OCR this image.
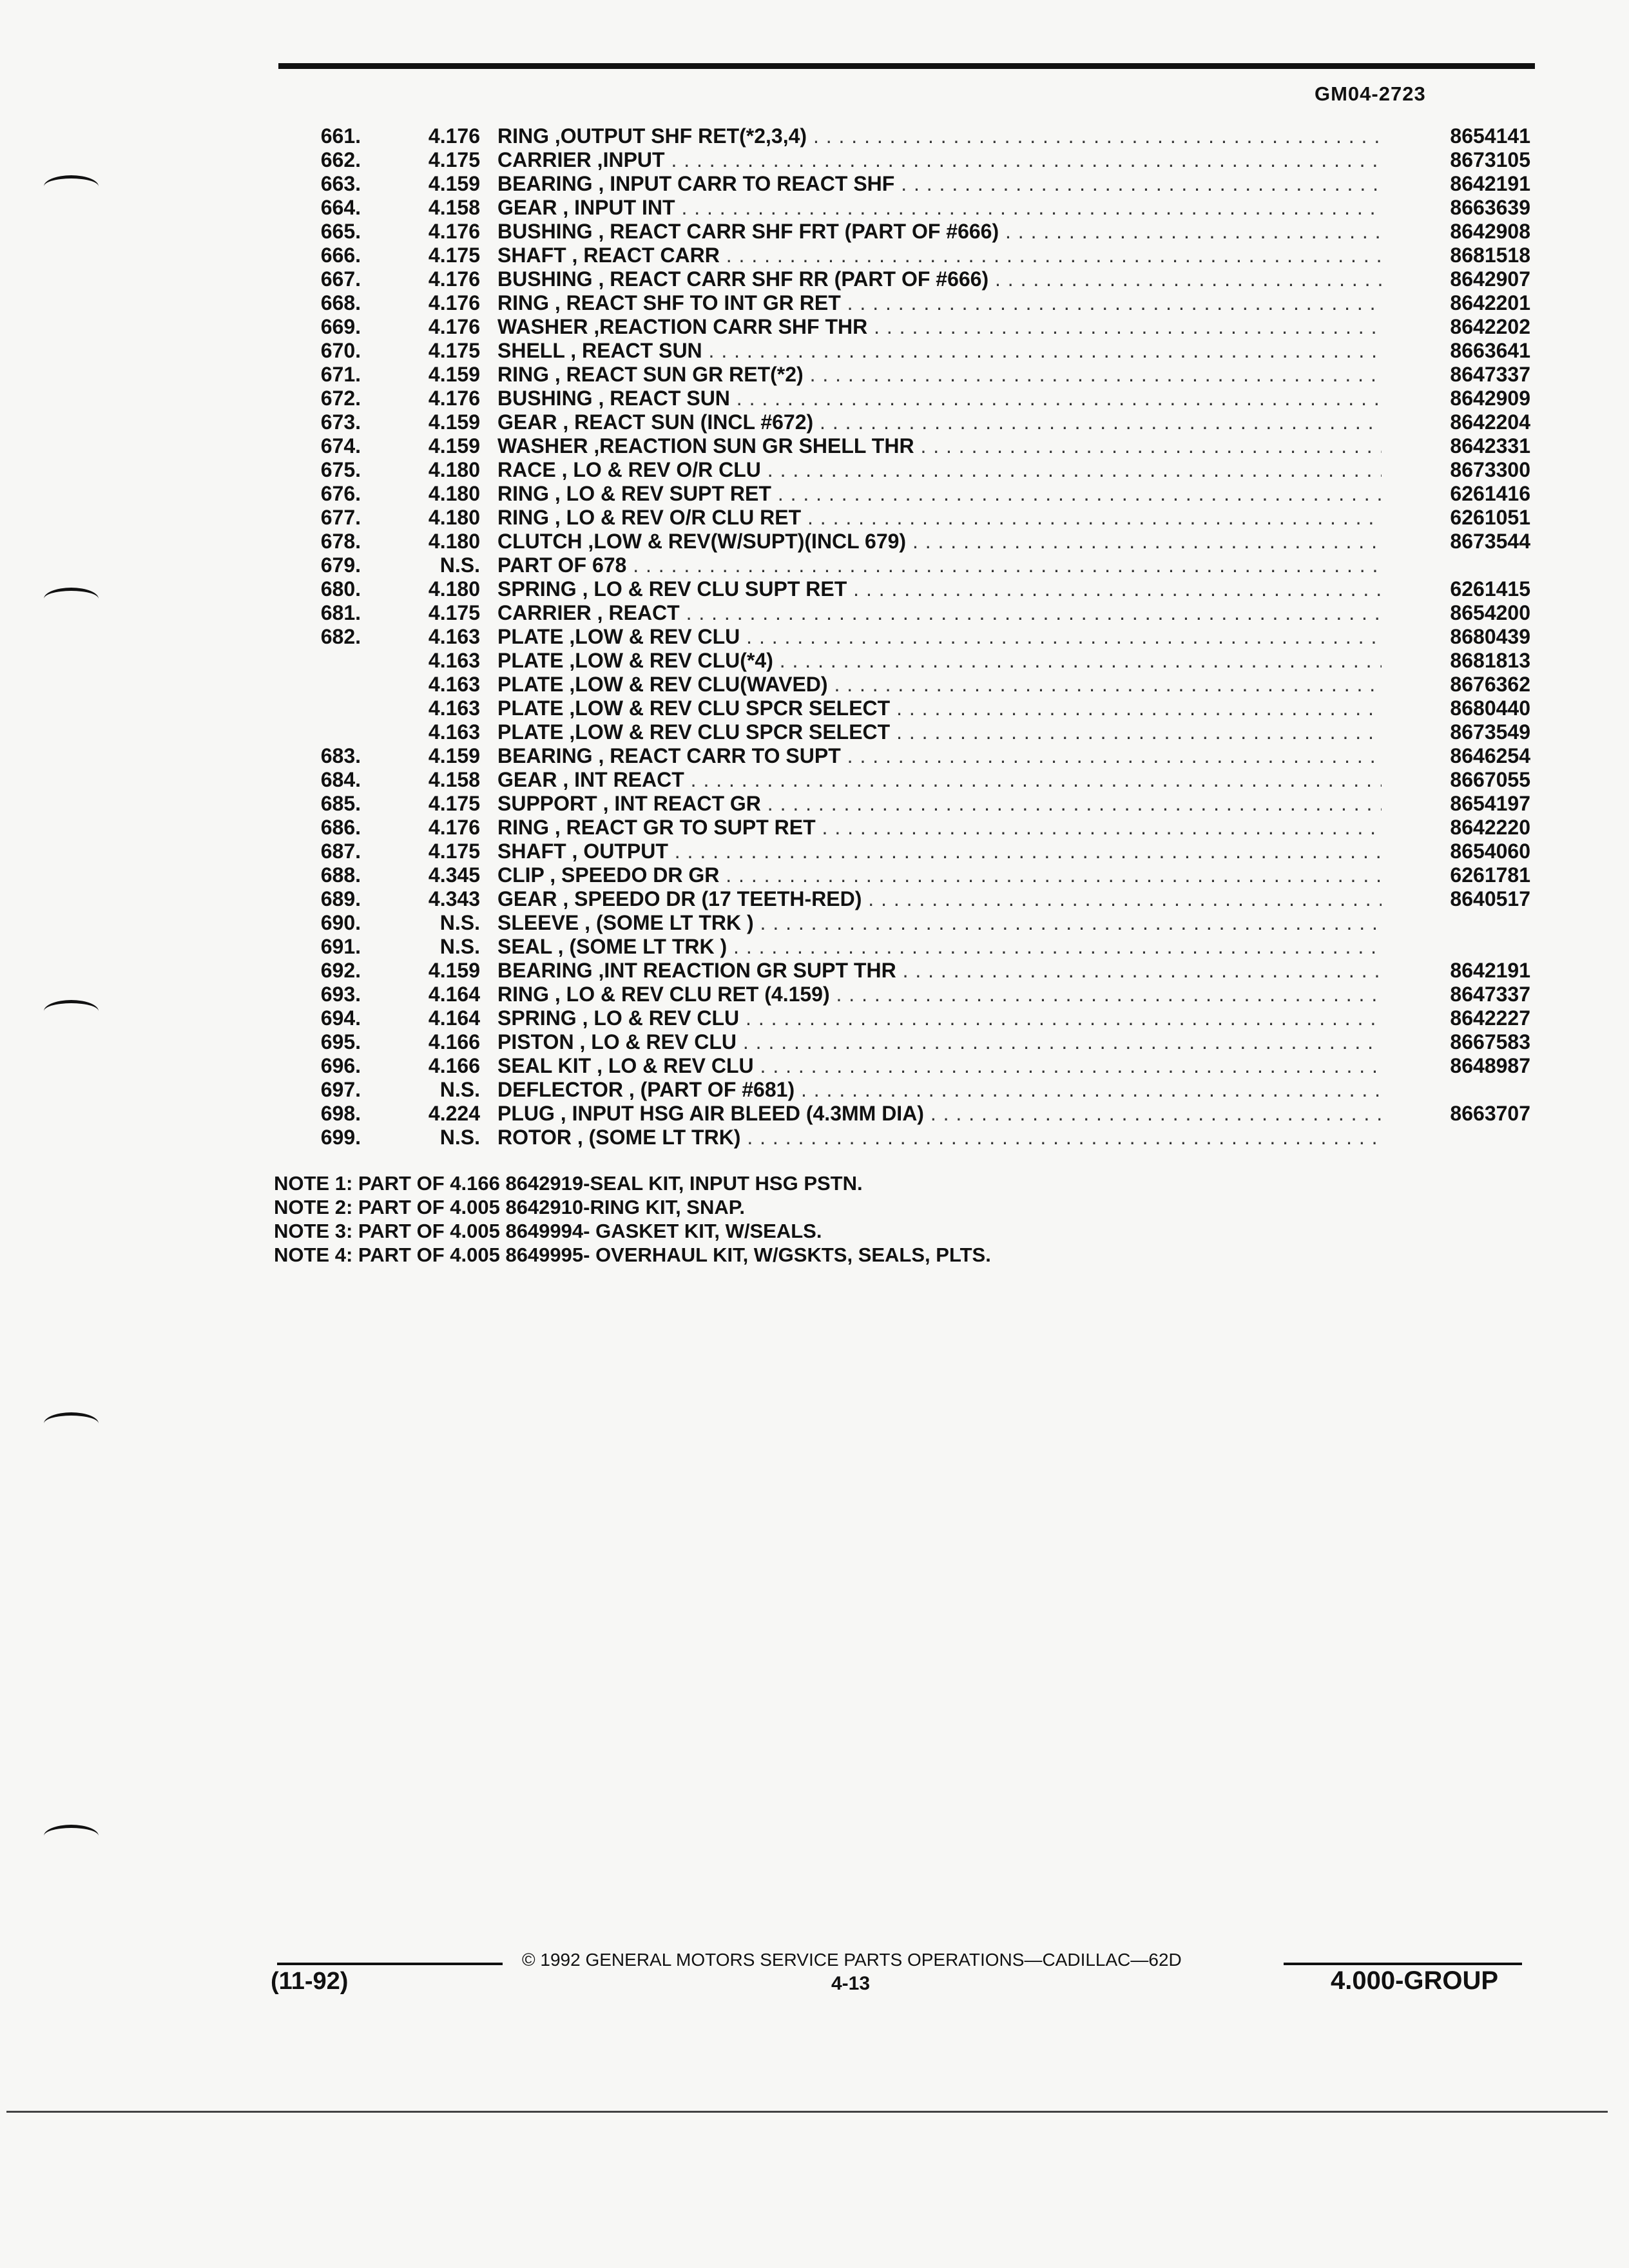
GM04-2723
661.	4.176 RING ,OUTPUT SHF RET(*2,3,4) . . .	8654141
662.	4.175 CARRIER ,INPUT . . .	8673105
663.	4.159 BEARING , INPUT CARR TO REACT SHF . . .	8642191
664.	4.158 GEAR , INPUT INT . . .	8663639
665.	4.176 BUSHING , REACT CARR SHF FRT (PART OF #666) . . .	8642908
666.	4.175 SHAFT , REACT CARR . . .	8681518
667.	4.176 BUSHING , REACT CARR SHF RR (PART OF #666) . . .	8642907
668.	4.176 RING , REACT SHF TO INT GR RET . . .	8642201
669.	4.176 WASHER ,REACTION CARR SHF THR . . .	8642202
670.	4.175 SHELL , REACT SUN . . .	8663641
671.	4.159 RING , REACT SUN GR RET(*2) . . .	8647337
672.	4.176 BUSHING , REACT SUN . . .	8642909
673.	4.159 GEAR , REACT SUN (INCL #672) . . .	8642204
674.	4.159 WASHER ,REACTION SUN GR SHELL THR . . .	8642331
675.	4.180 RACE , LO & REV O/R CLU . . .	8673300
676.	4.180 RING , LO & REV SUPT RET . . .	6261416
677.	4.180 RING , LO & REV O/R CLU RET . . .	6261051
678.	4.180 CLUTCH ,LOW & REV(W/SUPT)(INCL 679) . . .	8673544
679.	N.S. PART OF 678 . . .
680.	4.180 SPRING , LO & REV CLU SUPT RET . . .	6261415
681.	4.175 CARRIER , REACT . . .	8654200
682.	4.163 PLATE ,LOW & REV CLU . . .	8680439
4.163 PLATE ,LOW & REV CLU(*4) . . .	8681813
4.163 PLATE ,LOW & REV CLU(WAVED) . . .	8676362
4.163 PLATE ,LOW & REV CLU SPCR SELECT . . .	8680440
4.163 PLATE ,LOW & REV CLU SPCR SELECT . . .	8673549
683.	4.159 BEARING , REACT CARR TO SUPT . . .	8646254
684.	4.158 GEAR , INT REACT . . .	8667055
685.	4.175 SUPPORT , INT REACT GR . . .	8654197
686.	4.176 RING , REACT GR TO SUPT RET . . .	8642220
687.	4.175 SHAFT , OUTPUT . . .	8654060
688.	4.345 CLIP , SPEEDO DR GR . . .	6261781
689.	4.343 GEAR , SPEEDO DR (17 TEETH-RED) . . .	8640517
690.	N.S. SLEEVE , (SOME LT TRK ) . . .
691.	N.S. SEAL , (SOME LT TRK ) . . .
692.	4.159 BEARING ,INT REACTION GR SUPT THR . . .	8642191
693.	4.164 RING , LO & REV CLU RET (4.159) . . .	8647337
694.	4.164 SPRING , LO & REV CLU . . .	8642227
695.	4.166 PISTON , LO & REV CLU . . .	8667583
696.	4.166 SEAL KIT , LO & REV CLU . . .	8648987
697.	N.S. DEFLECTOR , (PART OF #681) . . .
698.	4.224 PLUG , INPUT HSG AIR BLEED (4.3MM DIA) . . .	8663707
699.	N.S. ROTOR , (SOME LT TRK) . . .
NOTE 1: PART OF 4.166 8642919-SEAL KIT, INPUT HSG PSTN.
NOTE 2: PART OF 4.005 8642910-RING KIT, SNAP.
NOTE 3: PART OF 4.005 8649994- GASKET KIT, W/SEALS.
NOTE 4: PART OF 4.005 8649995- OVERHAUL KIT, W/GSKTS, SEALS, PLTS.
© 1992 GENERAL MOTORS SERVICE PARTS OPERATIONS—CADILLAC—62D
(11-92)	4-13	4.000-GROUP
